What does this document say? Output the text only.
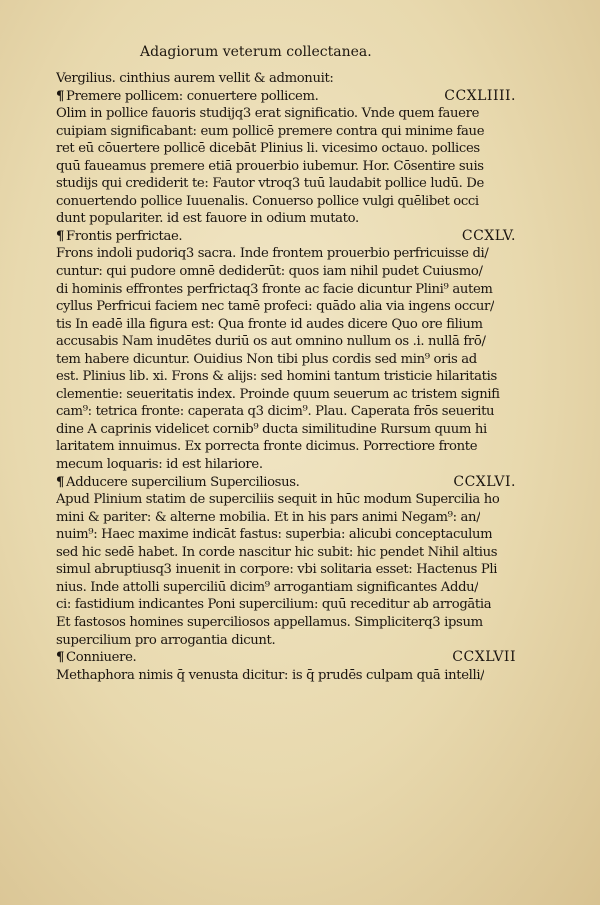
Adagiorum veterum collectanea.
Vergilius. cinthius aurem vellit & admonuit:
¶ Premere pollicem: conuertere pollicem.	CCXLIIII.
Olim in pollice fauoris studijq3 erat significatio. Vnde quem fauere
cuipiam significabant: eum pollicē premere contra qui minime faue
ret eū cōuertere pollicē dicebāt Plinius li. vicesimo octauo. pollices
quū faueamus premere etiā prouerbio iubemur. Hor. Cōsentire suis
studijs qui crediderit te: Fautor vtroq3 tuū laudabit pollice ludū. De
conuertendo pollice Iuuenalis. Conuerso pollice vulgi quēlibet occi
dunt populariter. id est fauore in odium mutato.
¶ Frontis perfrictae.	CCXLV.
Frons indoli pudoriq3 sacra. Inde frontem prouerbio perfricuisse di/
cuntur: qui pudore omnē dediderūt: quos iam nihil pudet Cuiusmo/
di hominis effrontes perfrictaq3 fronte ac facie dicuntur Plini⁹ autem
cyllus Perfricui faciem nec tamē profeci: quādo alia via ingens occur/
tis In eadē illa figura est: Qua fronte id audes dicere Quo ore filium
accusabis Nam inudētes duriū os aut omnino nullum os .i. nullā frō/
tem habere dicuntur. Ouidius Non tibi plus cordis sed min⁹ oris ad
est. Plinius lib. xi. Frons & alijs: sed homini tantum tristicie hilaritatis
clementie: seueritatis index. Proinde quum seuerum ac tristem signifi
cam⁹: tetrica fronte: caperata q3 dicim⁹. Plau. Caperata frōs seueritu
dine A caprinis videlicet cornib⁹ ducta similitudine Rursum quum hi
laritatem innuimus. Ex porrecta fronte dicimus. Porrectiore fronte
mecum loquaris: id est hilariore.
¶ Adducere supercilium Superciliosus.	CCXLVI.
Apud Plinium statim de superciliis sequit in hūc modum Supercilia ho
mini & pariter: & alterne mobilia. Et in his pars animi Negam⁹: an/
nuim⁹: Haec maxime indicāt fastus: superbia: alicubi conceptaculum
sed hic sedē habet. In corde nascitur hic subit: hic pendet Nihil altius
simul abruptiusq3 inuenit in corpore: vbi solitaria esset: Hactenus Pli
nius. Inde attolli superciliū dicim⁹ arrogantiam significantes Addu/
ci: fastidium indicantes Poni supercilium: quū receditur ab arrogātia
Et fastosos homines superciliosos appellamus. Simpliciterq3 ipsum
supercilium pro arrogantia dicunt.
¶ Conniuere.	CCXLVII
Methaphora nimis q̄ venusta dicitur: is q̄ prudēs culpam quā intelli/
